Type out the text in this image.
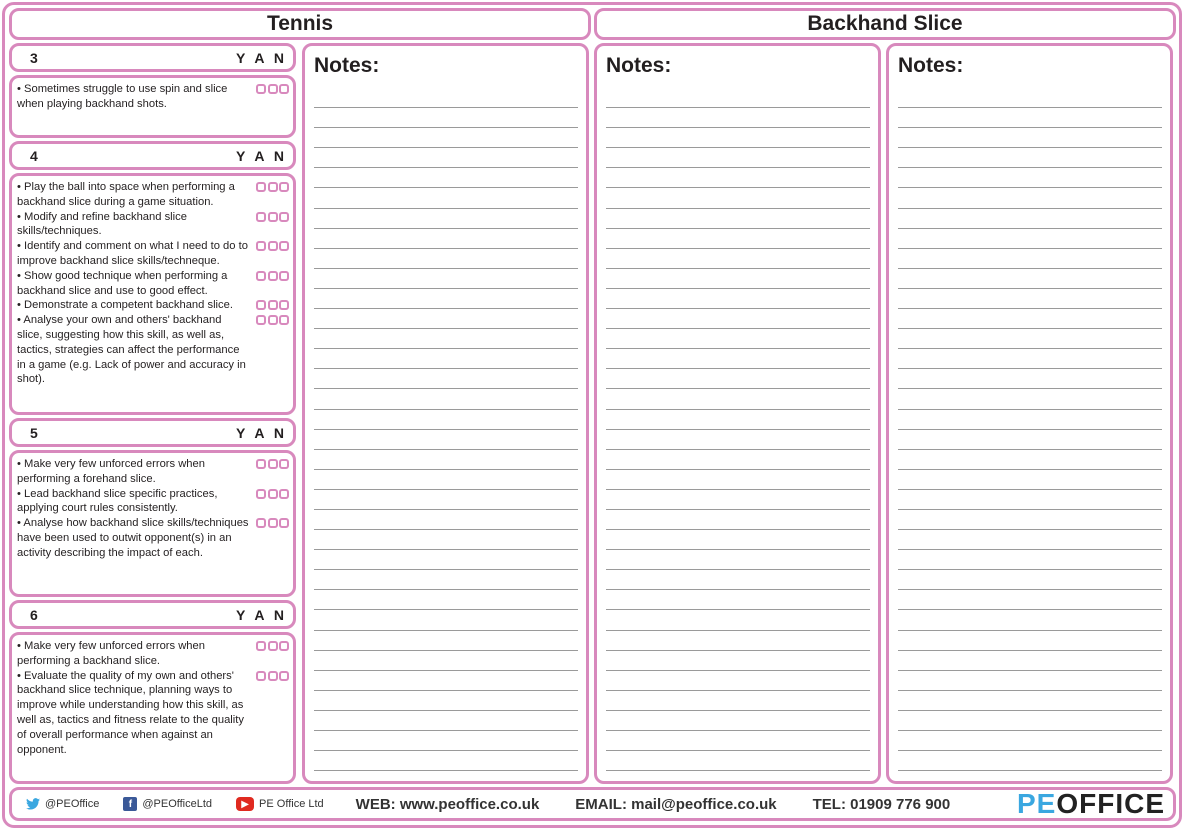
Tennis	Backhand Slice
3	Y A N
• Sometimes struggle to use spin and slice when playing backhand shots.
4	Y A N
• Play the ball into space when performing a backhand slice during a game situation.
• Modify and refine backhand slice skills/techniques.
• Identify and comment on what I need to do to improve backhand slice skills/techneque.
• Show good technique when performing a backhand slice and use to good effect.
• Demonstrate a competent backhand slice.
• Analyse your own and others' backhand slice, suggesting how this skill, as well as, tactics, strategies can affect the performance in a game (e.g. Lack of power and accuracy in shot).
5	Y A N
• Make very few unforced errors when performing a forehand slice.
• Lead backhand slice specific practices, applying court rules consistently.
• Analyse how backhand slice skills/techniques have been used to outwit opponent(s) in an activity describing the impact of each.
6	Y A N
• Make very few unforced errors when performing a backhand slice.
• Evaluate the quality of my own and others' backhand slice technique, planning ways to improve while understanding how this skill, as well as, tactics and fitness relate to the quality of overall performance when against an opponent.
Notes:	Notes:	Notes:
@PEOffice	f @PEOfficeLtd	▶ PE Office Ltd WEB: www.peoffice.co.uk EMAIL: mail@peoffice.co.uk TEL: 01909 776 900 PEOFFICE
